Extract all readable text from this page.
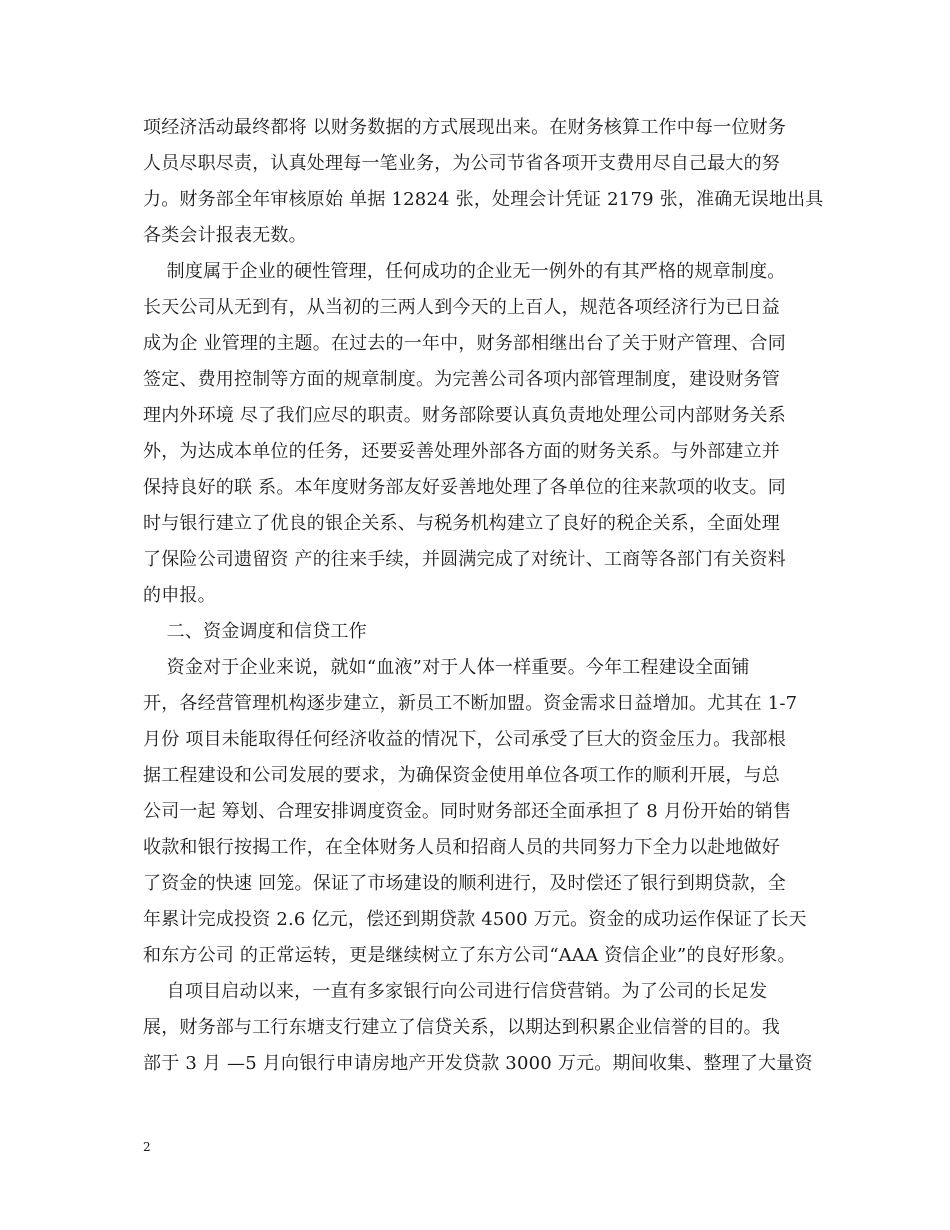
项经济活动最终都将 以财务数据的方式展现出来。在财务核算工作中每一位财务
人员尽职尽责，认真处理每一笔业务，为公司节省各项开支费用尽自己最大的努
力。财务部全年审核原始 单据 12824 张，处理会计凭证 2179 张，准确无误地出具
各类会计报表无数。
制度属于企业的硬性管理，任何成功的企业无一例外的有其严格的规章制度。
长天公司从无到有，从当初的三两人到今天的上百人，规范各项经济行为已日益
成为企 业管理的主题。在过去的一年中，财务部相继出台了关于财产管理、合同
签定、费用控制等方面的规章制度。为完善公司各项内部管理制度，建设财务管
理内外环境 尽了我们应尽的职责。财务部除要认真负责地处理公司内部财务关系
外，为达成本单位的任务，还要妥善处理外部各方面的财务关系。与外部建立并
保持良好的联 系。本年度财务部友好妥善地处理了各单位的往来款项的收支。同
时与银行建立了优良的银企关系、与税务机构建立了良好的税企关系，全面处理
了保险公司遗留资 产的往来手续，并圆满完成了对统计、工商等各部门有关资料
的申报。
二、资金调度和信贷工作
资金对于企业来说，就如“血液”对于人体一样重要。今年工程建设全面铺
开，各经营管理机构逐步建立，新员工不断加盟。资金需求日益增加。尤其在 1-7
月份 项目未能取得任何经济收益的情况下，公司承受了巨大的资金压力。我部根
据工程建设和公司发展的要求，为确保资金使用单位各项工作的顺利开展，与总
公司一起 筹划、合理安排调度资金。同时财务部还全面承担了 8 月份开始的销售
收款和银行按揭工作，在全体财务人员和招商人员的共同努力下全力以赴地做好
了资金的快速 回笼。保证了市场建设的顺利进行，及时偿还了银行到期贷款，全
年累计完成投资 2.6 亿元，偿还到期贷款 4500 万元。资金的成功运作保证了长天
和东方公司 的正常运转，更是继续树立了东方公司“AAA 资信企业”的良好形象。
自项目启动以来，一直有多家银行向公司进行信贷营销。为了公司的长足发
展，财务部与工行东塘支行建立了信贷关系，以期达到积累企业信誉的目的。我
部于 3 月 —5 月向银行申请房地产开发贷款 3000 万元。期间收集、整理了大量资
2
